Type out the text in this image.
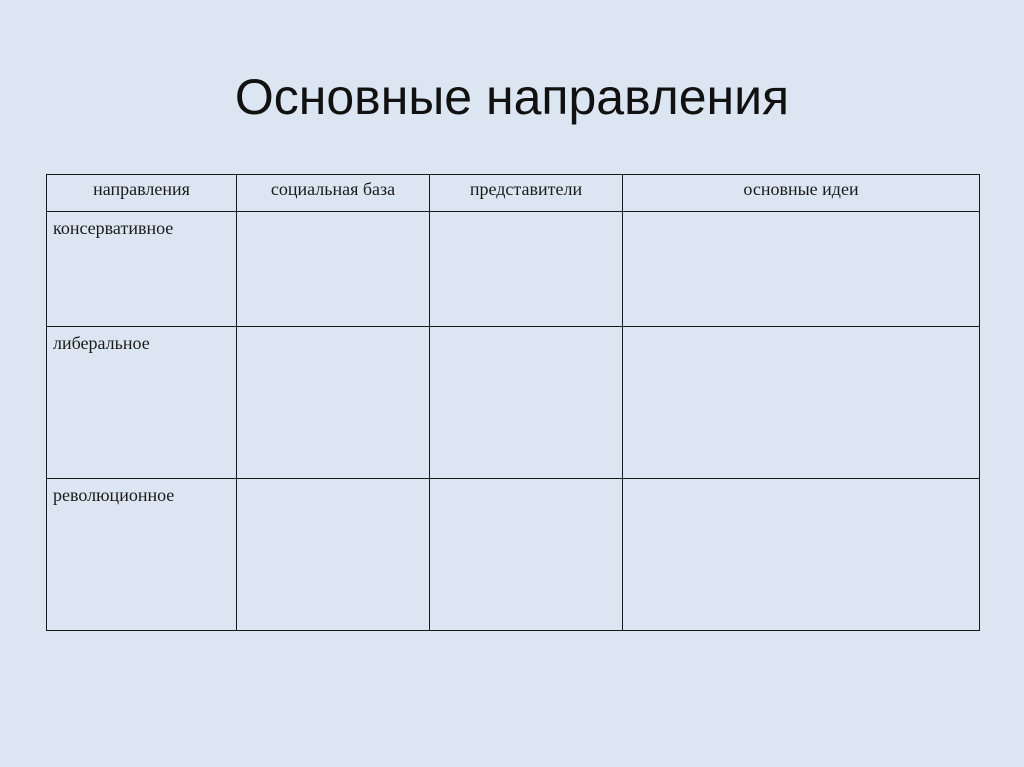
Основные направления
направления	социальная база	представители	основные идеи
консервативное			
либеральное			
революционное			
